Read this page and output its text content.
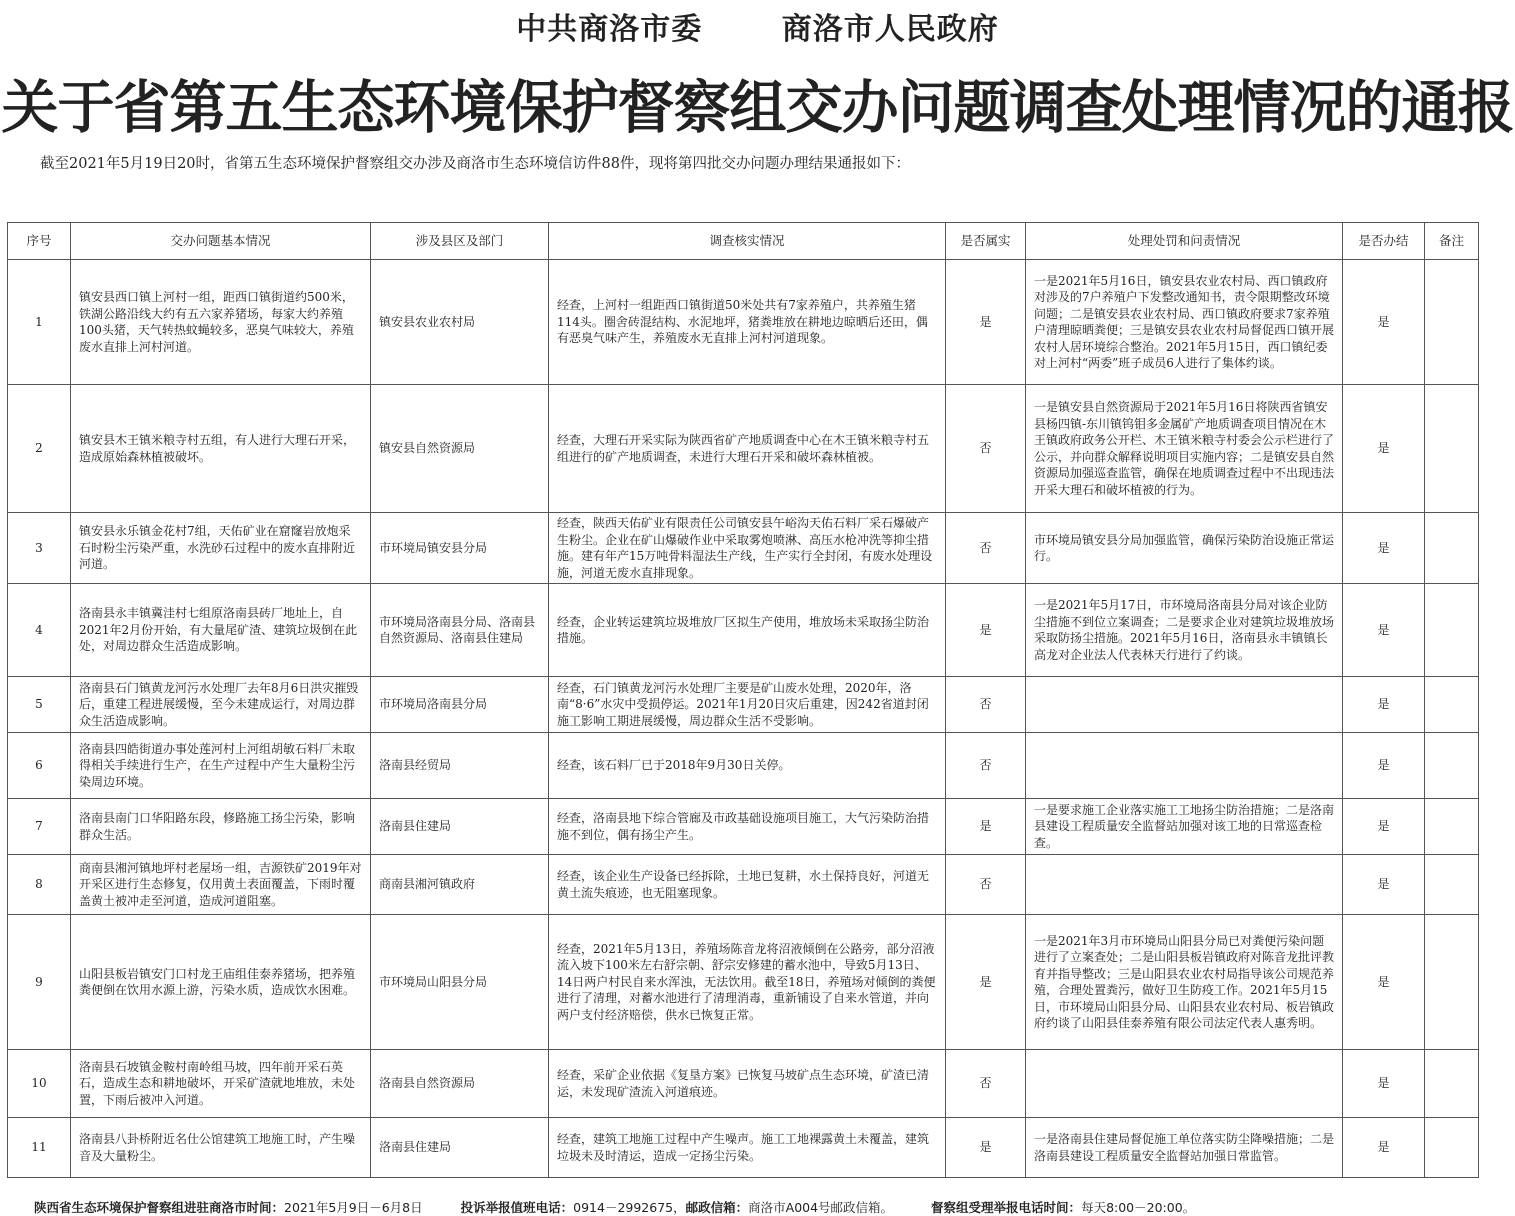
中共商洛市委	商洛市人民政府
关于省第五生态环境保护督察组交办问题调查处理情况的通报
截至2021年5月19日20时，省第五生态环境保护督察组交办涉及商洛市生态环境信访件88件，现将第四批交办问题办理结果通报如下：
序号	交办问题基本情况	涉及县区及部门	调查核实情况	是否属实	处理处罚和问责情况	是否办结	备注
1	镇安县西口镇上河村一组，距西口镇街道约500米，铁湖公路沿线大约有五六家养猪场，每家大约养殖100头猪，天气转热蚊蝇较多，恶臭气味较大，养殖废水直排上河村河道。	镇安县农业农村局	经查，上河村一组距西口镇街道50米处共有7家养殖户，共养殖生猪114头。圈舍砖混结构、水泥地坪，猪粪堆放在耕地边晾晒后还田，偶有恶臭气味产生，养殖废水无直排上河村河道现象。	是	一是2021年5月16日，镇安县农业农村局、西口镇政府对涉及的7户养殖户下发整改通知书，责令限期整改环境问题；二是镇安县农业农村局、西口镇政府要求7家养殖户清理晾晒粪便；三是镇安县农业农村局督促西口镇开展农村人居环境综合整治。2021年5月15日，西口镇纪委对上河村“两委”班子成员6人进行了集体约谈。	是	
2	镇安县木王镇米粮寺村五组，有人进行大理石开采，造成原始森林植被破坏。	镇安县自然资源局	经查，大理石开采实际为陕西省矿产地质调查中心在木王镇米粮寺村五组进行的矿产地质调查，未进行大理石开采和破坏森林植被。	否	一是镇安县自然资源局于2021年5月16日将陕西省镇安县杨四镇-东川镇钨钼多金属矿产地质调查项目情况在木王镇政府政务公开栏、木王镇米粮寺村委会公示栏进行了公示，并向群众解释说明项目实施内容；二是镇安县自然资源局加强巡查监管，确保在地质调查过程中不出现违法开采大理石和破坏植被的行为。	是	
3	镇安县永乐镇金花村7组，天佑矿业在窟窿岩放炮采石时粉尘污染严重，水洗砂石过程中的废水直排附近河道。	市环境局镇安县分局	经查，陕西天佑矿业有限责任公司镇安县午峪沟天佑石料厂采石爆破产生粉尘。企业在矿山爆破作业中采取雾炮喷淋、高压水枪冲洗等抑尘措施。建有年产15万吨骨料湿法生产线，生产实行全封闭，有废水处理设施，河道无废水直排现象。	否	市环境局镇安县分局加强监管，确保污染防治设施正常运行。	是	
4	洛南县永丰镇冀洼村七组原洛南县砖厂地址上，自2021年2月份开始，有大量尾矿渣、建筑垃圾倒在此处，对周边群众生活造成影响。	市环境局洛南县分局、洛南县自然资源局、洛南县住建局	经查，企业转运建筑垃圾堆放厂区拟生产使用，堆放场未采取扬尘防治措施。	是	一是2021年5月17日，市环境局洛南县分局对该企业防尘措施不到位立案调查；二是要求企业对建筑垃圾堆放场采取防扬尘措施。2021年5月16日，洛南县永丰镇镇长高龙对企业法人代表林天行进行了约谈。	是	
5	洛南县石门镇黄龙河污水处理厂去年8月6日洪灾摧毁后，重建工程进展缓慢，至今未建成运行，对周边群众生活造成影响。	市环境局洛南县分局	经查，石门镇黄龙河污水处理厂主要是矿山废水处理，2020年，洛南“8·6”水灾中受损停运。2021年1月20日灾后重建，因242省道封闭施工影响工期进展缓慢，周边群众生活不受影响。	否		是	
6	洛南县四皓街道办事处莲河村上河组胡敏石料厂未取得相关手续进行生产，在生产过程中产生大量粉尘污染周边环境。	洛南县经贸局	经查，该石料厂已于2018年9月30日关停。	否		是	
7	洛南县南门口华阳路东段，修路施工扬尘污染，影响群众生活。	洛南县住建局	经查，洛南县地下综合管廊及市政基础设施项目施工，大气污染防治措施不到位，偶有扬尘产生。	是	一是要求施工企业落实施工工地扬尘防治措施；二是洛南县建设工程质量安全监督站加强对该工地的日常巡查检查。	是	
8	商南县湘河镇地坪村老屋场一组，吉源铁矿2019年对开采区进行生态修复，仅用黄土表面覆盖，下雨时覆盖黄土被冲走至河道，造成河道阻塞。	商南县湘河镇政府	经查，该企业生产设备已经拆除，土地已复耕，水土保持良好，河道无黄土流失痕迹，也无阻塞现象。	否		是	
9	山阳县板岩镇安门口村龙王庙组佳泰养猪场，把养殖粪便倒在饮用水源上游，污染水质，造成饮水困难。	市环境局山阳县分局	经查，2021年5月13日，养殖场陈音龙将沼液倾倒在公路旁，部分沼液流入坡下100米左右舒宗朝、舒宗安修建的蓄水池中，导致5月13日、14日两户村民自来水浑浊，无法饮用。截至18日，养殖场对倾倒的粪便进行了清理，对蓄水池进行了清理消毒，重新铺设了自来水管道，并向两户支付经济赔偿，供水已恢复正常。	是	一是2021年3月市环境局山阳县分局已对粪便污染问题进行了立案查处；二是山阳县板岩镇政府对陈音龙批评教育并指导整改；三是山阳县农业农村局指导该公司规范养殖，合理处置粪污，做好卫生防疫工作。2021年5月15日，市环境局山阳县分局、山阳县农业农村局、板岩镇政府约谈了山阳县佳泰养殖有限公司法定代表人惠秀明。	是	
10	洛南县石坡镇金鞍村南岭组马坡，四年前开采石英石，造成生态和耕地破坏，开采矿渣就地堆放，未处置，下雨后被冲入河道。	洛南县自然资源局	经查，采矿企业依据《复垦方案》已恢复马坡矿点生态环境，矿渣已清运，未发现矿渣流入河道痕迹。	否		是	
11	洛南县八卦桥附近名仕公馆建筑工地施工时，产生噪音及大量粉尘。	洛南县住建局	经查，建筑工地施工过程中产生噪声。施工工地裸露黄土未覆盖，建筑垃圾未及时清运，造成一定扬尘污染。	是	一是洛南县住建局督促施工单位落实防尘降噪措施；二是洛南县建设工程质量安全监督站加强日常监管。	是	
陕西省生态环境保护督察组进驻商洛市时间：2021年5月9日－6月8日	投诉举报值班电话：0914－2992675，邮政信箱：商洛市A004号邮政信箱。	督察组受理举报电话时间：每天8:00－20:00。
